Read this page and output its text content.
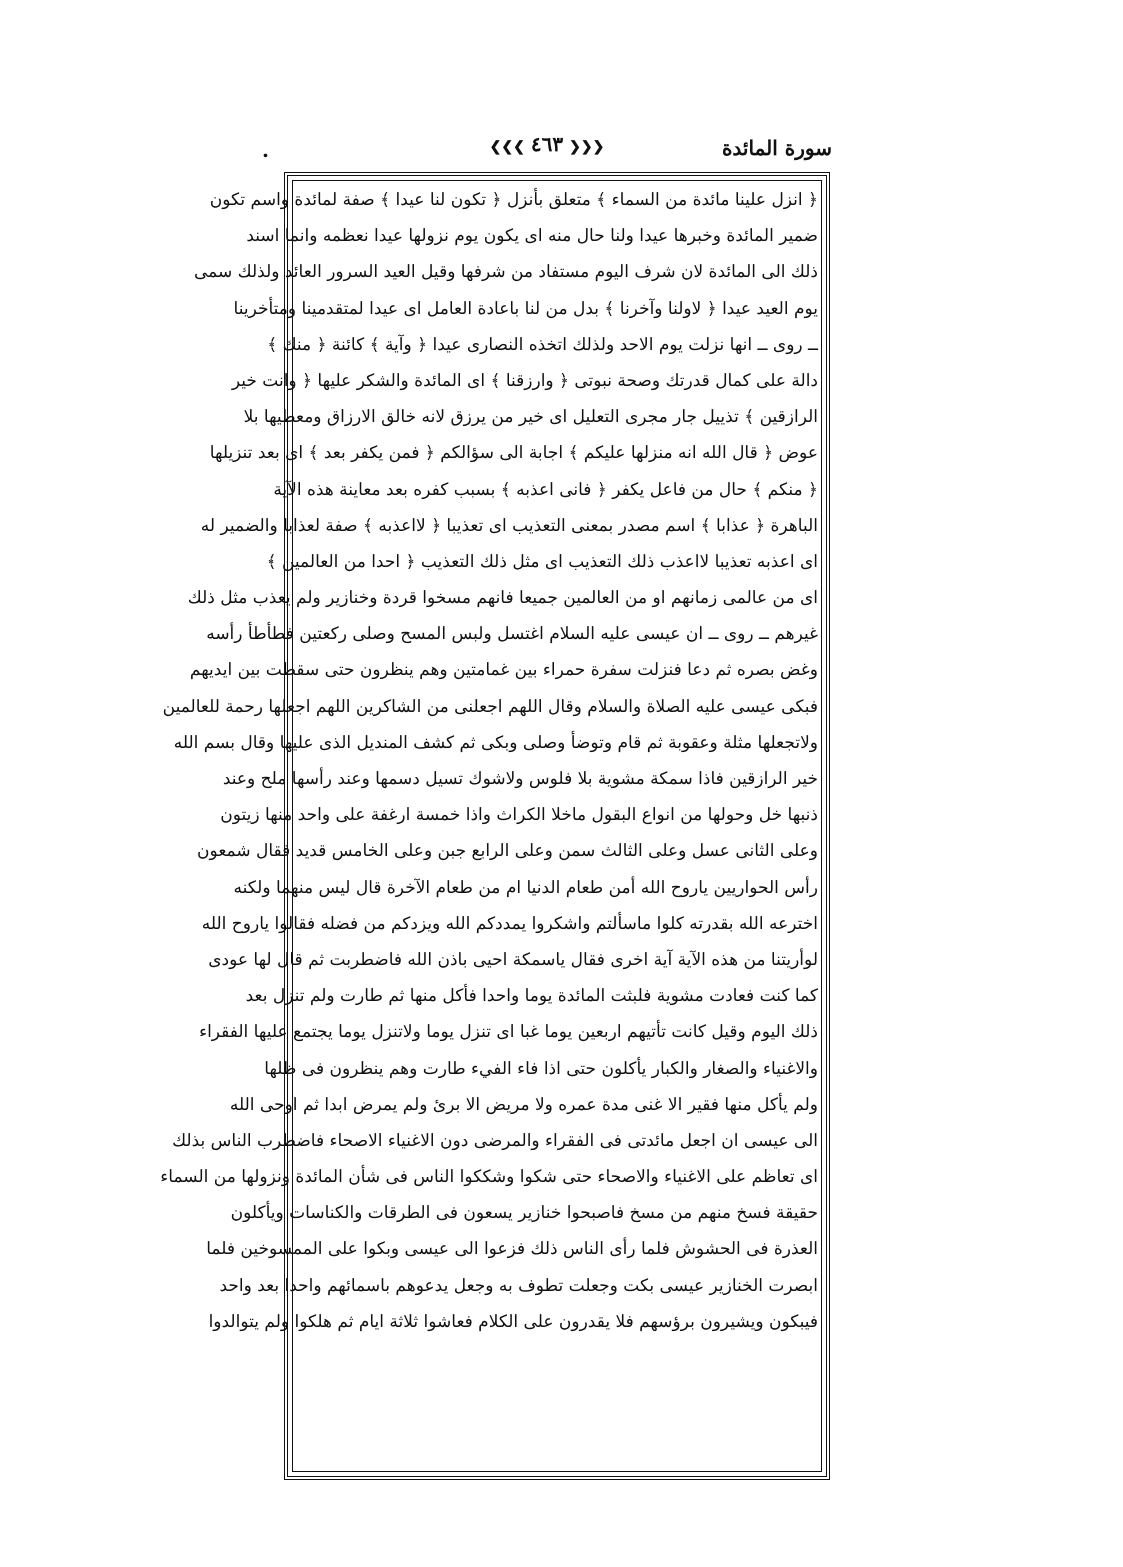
.	❮❮❮ ٤٦٣ ❯❯❯	سورة المائدة
﴿ انزل علينا مائدة من السماء ﴾ متعلق بأنزل ﴿ تكون لنا عيدا ﴾ صفة لمائدة واسم تكون
ضمير المائدة وخبرها عيدا ولنا حال منه اى يكون يوم نزولها عيدا نعظمه وانما اسند
ذلك الى المائدة لان شرف اليوم مستفاد من شرفها وقيل العيد السرور العائد ولذلك سمى
يوم العيد عيدا ﴿ لاولنا وآخرنا ﴾ بدل من لنا باعادة العامل اى عيدا لمتقدمينا ومتأخرينا
ــ روى ــ انها نزلت يوم الاحد ولذلك اتخذه النصارى عيدا ﴿ وآية ﴾ كائنة ﴿ منك ﴾
دالة على كمال قدرتك وصحة نبوتى ﴿ وارزقنا ﴾ اى المائدة والشكر عليها ﴿ وانت خير
الرازقين ﴾ تذييل جار مجرى التعليل اى خير من يرزق لانه خالق الارزاق ومعطيها بلا
عوض ﴿ قال الله انه منزلها عليكم ﴾ اجابة الى سؤالكم ﴿ فمن يكفر بعد ﴾ اى بعد تنزيلها
﴿ منكم ﴾ حال من فاعل يكفر ﴿ فانى اعذبه ﴾ بسبب كفره بعد معاينة هذه الآية
الباهرة ﴿ عذابا ﴾ اسم مصدر بمعنى التعذيب اى تعذيبا ﴿ لااعذبه ﴾ صفة لعذابا والضمير له
اى اعذبه تعذيبا لااعذب ذلك التعذيب اى مثل ذلك التعذيب ﴿ احدا من العالمين ﴾
اى من عالمى زمانهم او من العالمين جميعا فانهم مسخوا قردة وخنازير ولم يعذب مثل ذلك
غيرهم ــ روى ــ ان عيسى عليه السلام اغتسل ولبس المسح وصلى ركعتين فطأطأ رأسه
وغض بصره ثم دعا فنزلت سفرة حمراء بين غمامتين وهم ينظرون حتى سقطت بين ايديهم
فبكى عيسى عليه الصلاة والسلام وقال اللهم اجعلنى من الشاكرين اللهم اجعلها رحمة للعالمين
ولاتجعلها مثلة وعقوبة ثم قام وتوضأ وصلى وبكى ثم كشف المنديل الذى عليها وقال بسم الله
خير الرازقين فاذا سمكة مشوية بلا فلوس ولاشوك تسيل دسمها وعند رأسها ملح وعند
ذنبها خل وحولها من انواع البقول ماخلا الكراث واذا خمسة ارغفة على واحد منها زيتون
وعلى الثانى عسل وعلى الثالث سمن وعلى الرابع جبن وعلى الخامس قديد فقال شمعون
رأس الحواريين ياروح الله أمن طعام الدنيا ام من طعام الآخرة قال ليس منهما ولكنه
اخترعه الله بقدرته كلوا ماسألتم واشكروا يمددكم الله ويزدكم من فضله فقالوا ياروح الله
لوأريتنا من هذه الآية آية اخرى فقال ياسمكة احيى باذن الله فاضطربت ثم قال لها عودى
كما كنت فعادت مشوية فلبثت المائدة يوما واحدا فأكل منها ثم طارت ولم تنزل بعد
ذلك اليوم وقيل كانت تأتيهم اربعين يوما غبا اى تنزل يوما ولاتنزل يوما يجتمع عليها الفقراء
والاغنياء والصغار والكبار يأكلون حتى اذا فاء الفيء طارت وهم ينظرون فى ظلها
ولم يأكل منها فقير الا غنى مدة عمره ولا مريض الا برئ ولم يمرض ابدا ثم اوحى الله
الى عيسى ان اجعل مائدتى فى الفقراء والمرضى دون الاغنياء الاصحاء فاضطرب الناس بذلك
اى تعاظم على الاغنياء والاصحاء حتى شكوا وشككوا الناس فى شأن المائدة ونزولها من السماء
حقيقة فسخ منهم من مسخ فاصبحوا خنازير يسعون فى الطرقات والكناسات ويأكلون
العذرة فى الحشوش فلما رأى الناس ذلك فزعوا الى عيسى وبكوا على الممسوخين فلما
ابصرت الخنازير عيسى بكت وجعلت تطوف به وجعل يدعوهم باسمائهم واحدا بعد واحد
فيبكون ويشيرون برؤسهم فلا يقدرون على الكلام فعاشوا ثلاثة ايام ثم هلكوا ولم يتوالدوا
